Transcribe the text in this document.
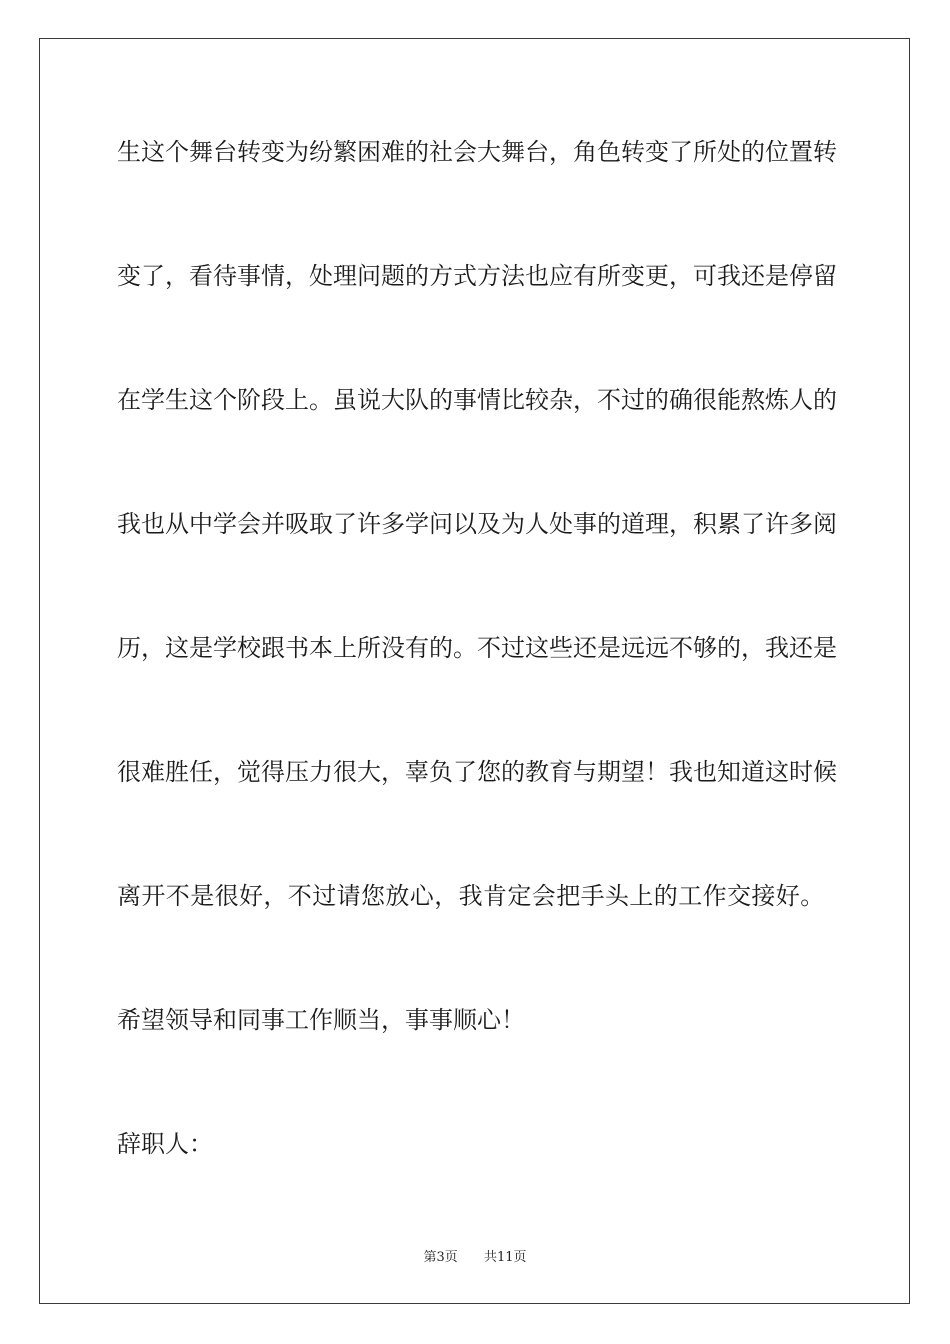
生这个舞台转变为纷繁困难的社会大舞台，角色转变了所处的位置转
变了，看待事情，处理问题的方式方法也应有所变更，可我还是停留
在学生这个阶段上。虽说大队的事情比较杂，不过的确很能熬炼人的
我也从中学会并吸取了许多学问以及为人处事的道理，积累了许多阅
历，这是学校跟书本上所没有的。不过这些还是远远不够的，我还是
很难胜任，觉得压力很大，辜负了您的教育与期望！我也知道这时候
离开不是很好，不过请您放心，我肯定会把手头上的工作交接好。
希望领导和同事工作顺当，事事顺心！
辞职人：
第3页 共11页
